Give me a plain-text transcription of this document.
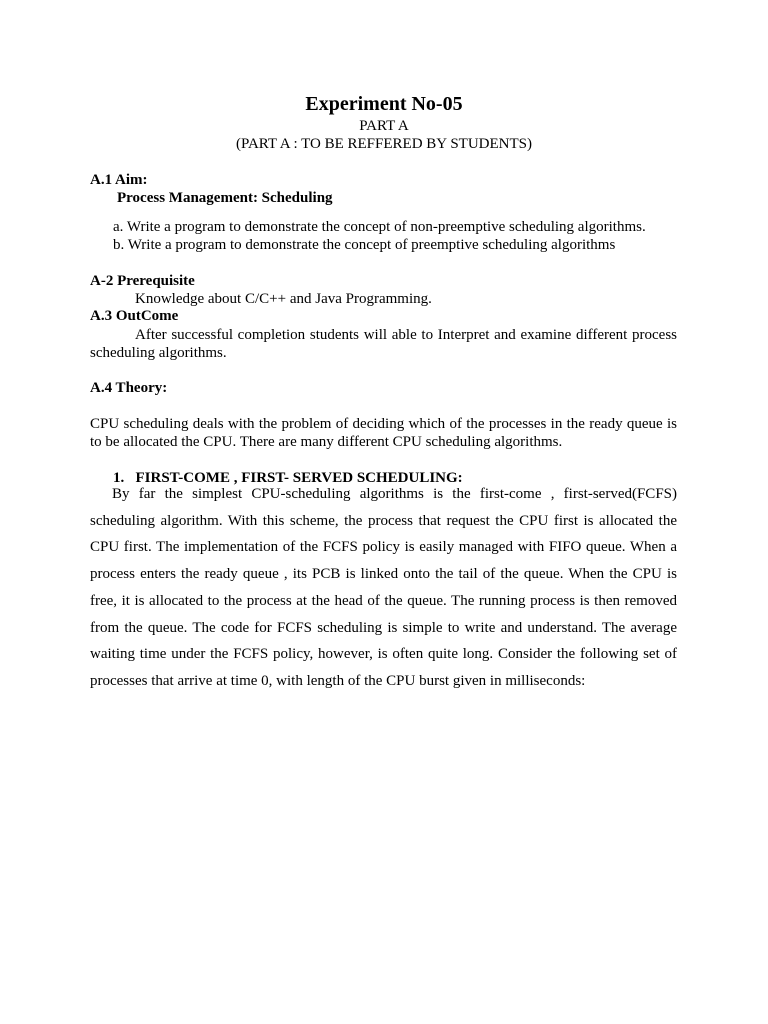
Experiment No-05
PART A
(PART A : TO BE REFFERED BY STUDENTS)
A.1 Aim:
Process Management: Scheduling
a. Write a program to demonstrate the concept of non-preemptive scheduling algorithms.
b. Write a program to demonstrate the concept of preemptive scheduling algorithms
A-2 Prerequisite
Knowledge about C/C++ and Java Programming.
A.3 OutCome
After successful completion students will able to Interpret and examine different process
scheduling algorithms.
A.4 Theory:
CPU scheduling deals with the problem of deciding which of the processes in the ready queue is
to be allocated the CPU. There are many different CPU scheduling algorithms.
1.   FIRST-COME , FIRST- SERVED SCHEDULING:
By far the simplest CPU-scheduling algorithms is the first-come , first-served(FCFS)
scheduling algorithm. With this scheme, the process that request the CPU first is allocated the
CPU first. The implementation of the FCFS policy is easily managed with FIFO queue. When a
process enters the ready queue , its PCB is linked onto the tail of the queue. When the CPU is
free, it is allocated to the process at the head of the queue. The running process is then removed
from the queue. The code for FCFS scheduling is simple to write and understand. The average
waiting time under the FCFS policy, however, is often quite long. Consider the following set of
processes that arrive at time 0, with length of the CPU burst given in milliseconds:
